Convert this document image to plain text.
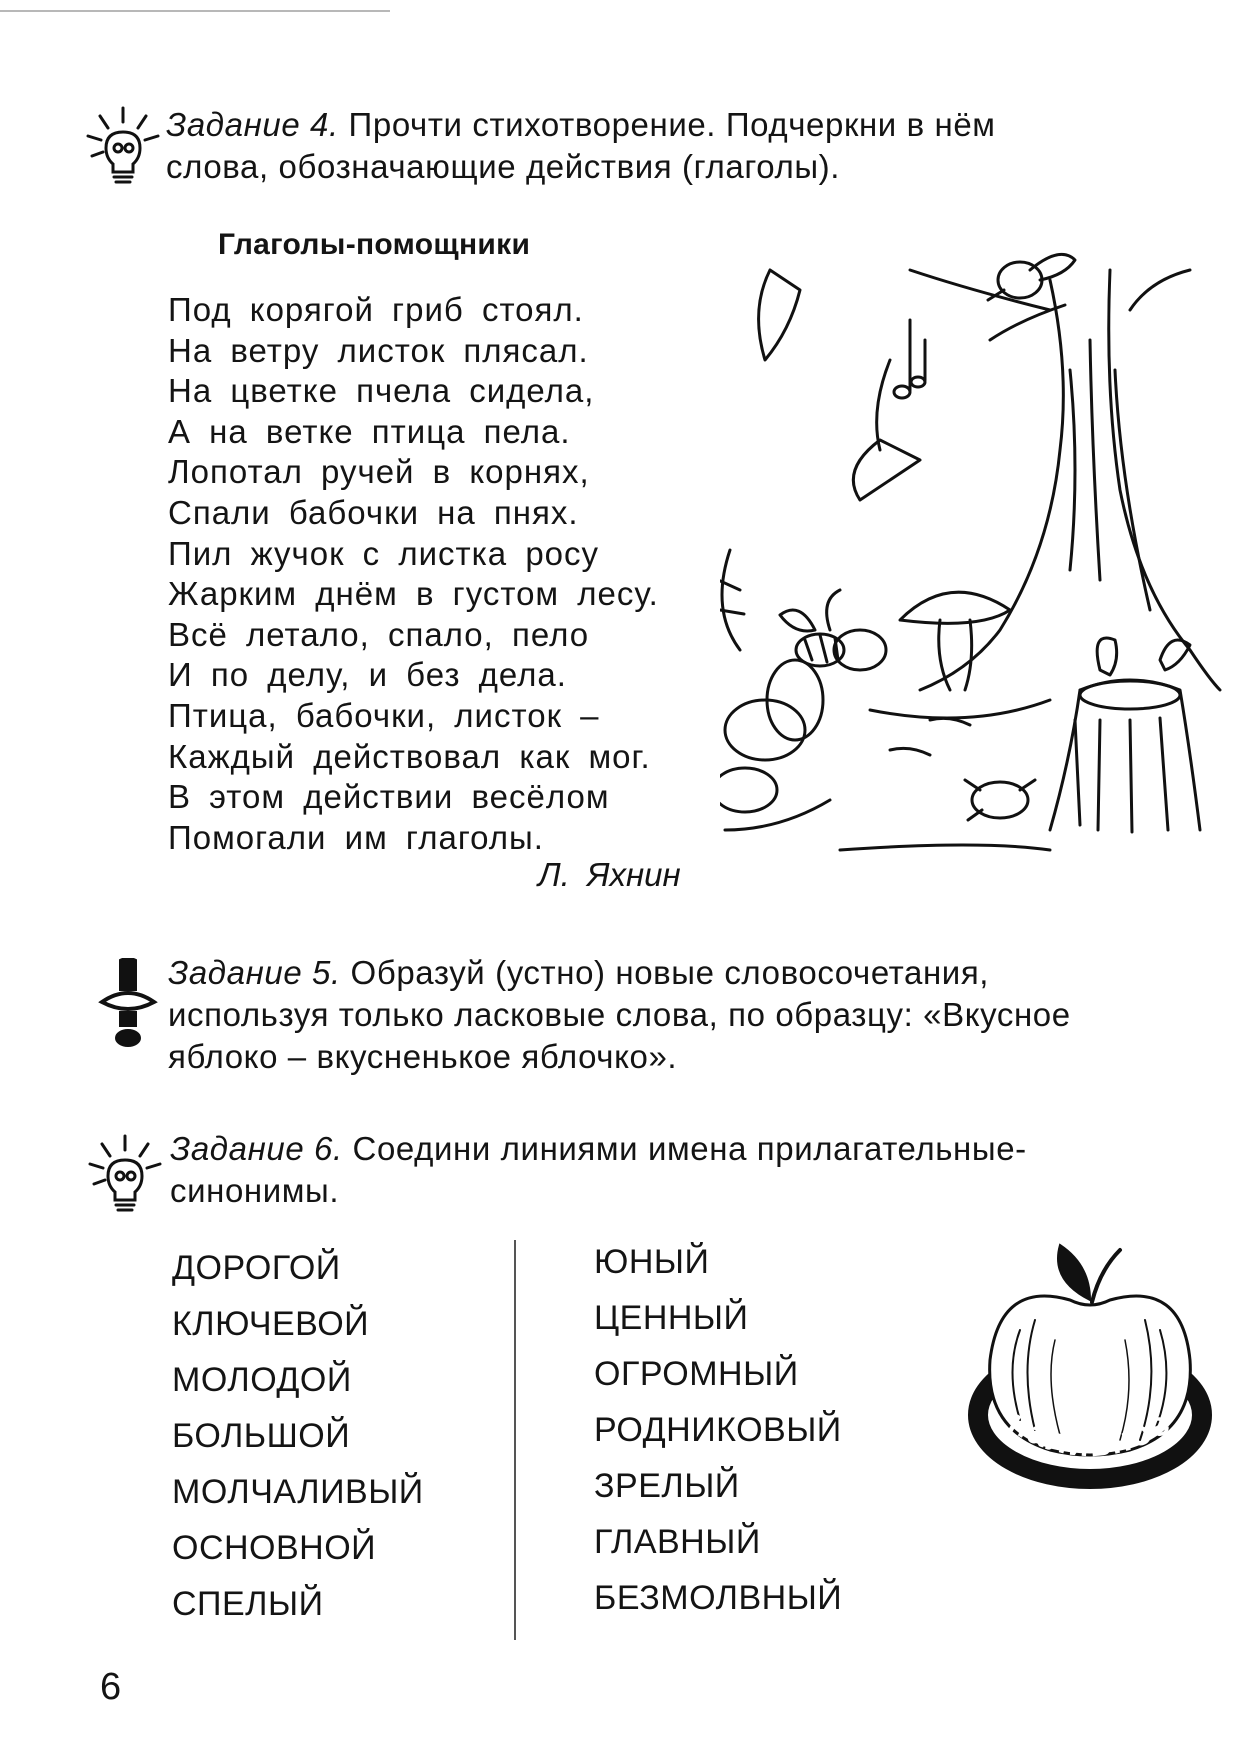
Задание 4. Прочти стихотворение. Подчеркни в нём

слова, обозначающие действия (глаголы).

Глаголы-помощники
Под корягой гриб стоял.
На ветру листок плясал.
На цветке пчела сидела,
А на ветке птица пела.
Лопотал ручей в корнях,
Спали бабочки на пнях.
Пил жучок с листка росу
Жарким днём в густом лесу.
Всё летало, спало, пело
И по делу, и без дела.
Птица, бабочки, листок –
Каждый действовал как мог.
В этом действии весёлом
Помогали им глаголы.
Л. Яхнин

Задание 5. Образуй (устно) новые словосочетания,

используя только ласковые слова, по образцу: «Вкусное

яблоко – вкусненькое яблочко».

Задание 6. Соедини линиями имена прилагательные-

синонимы.

ДОРОГОЙ
КЛЮЧЕВОЙ
МОЛОДОЙ
БОЛЬШОЙ
МОЛЧАЛИВЫЙ
ОСНОВНОЙ
СПЕЛЫЙ
ЮНЫЙ
ЦЕННЫЙ
ОГРОМНЫЙ
РОДНИКОВЫЙ
ЗРЕЛЫЙ
ГЛАВНЫЙ
БЕЗМОЛВНЫЙ
наливное
6
